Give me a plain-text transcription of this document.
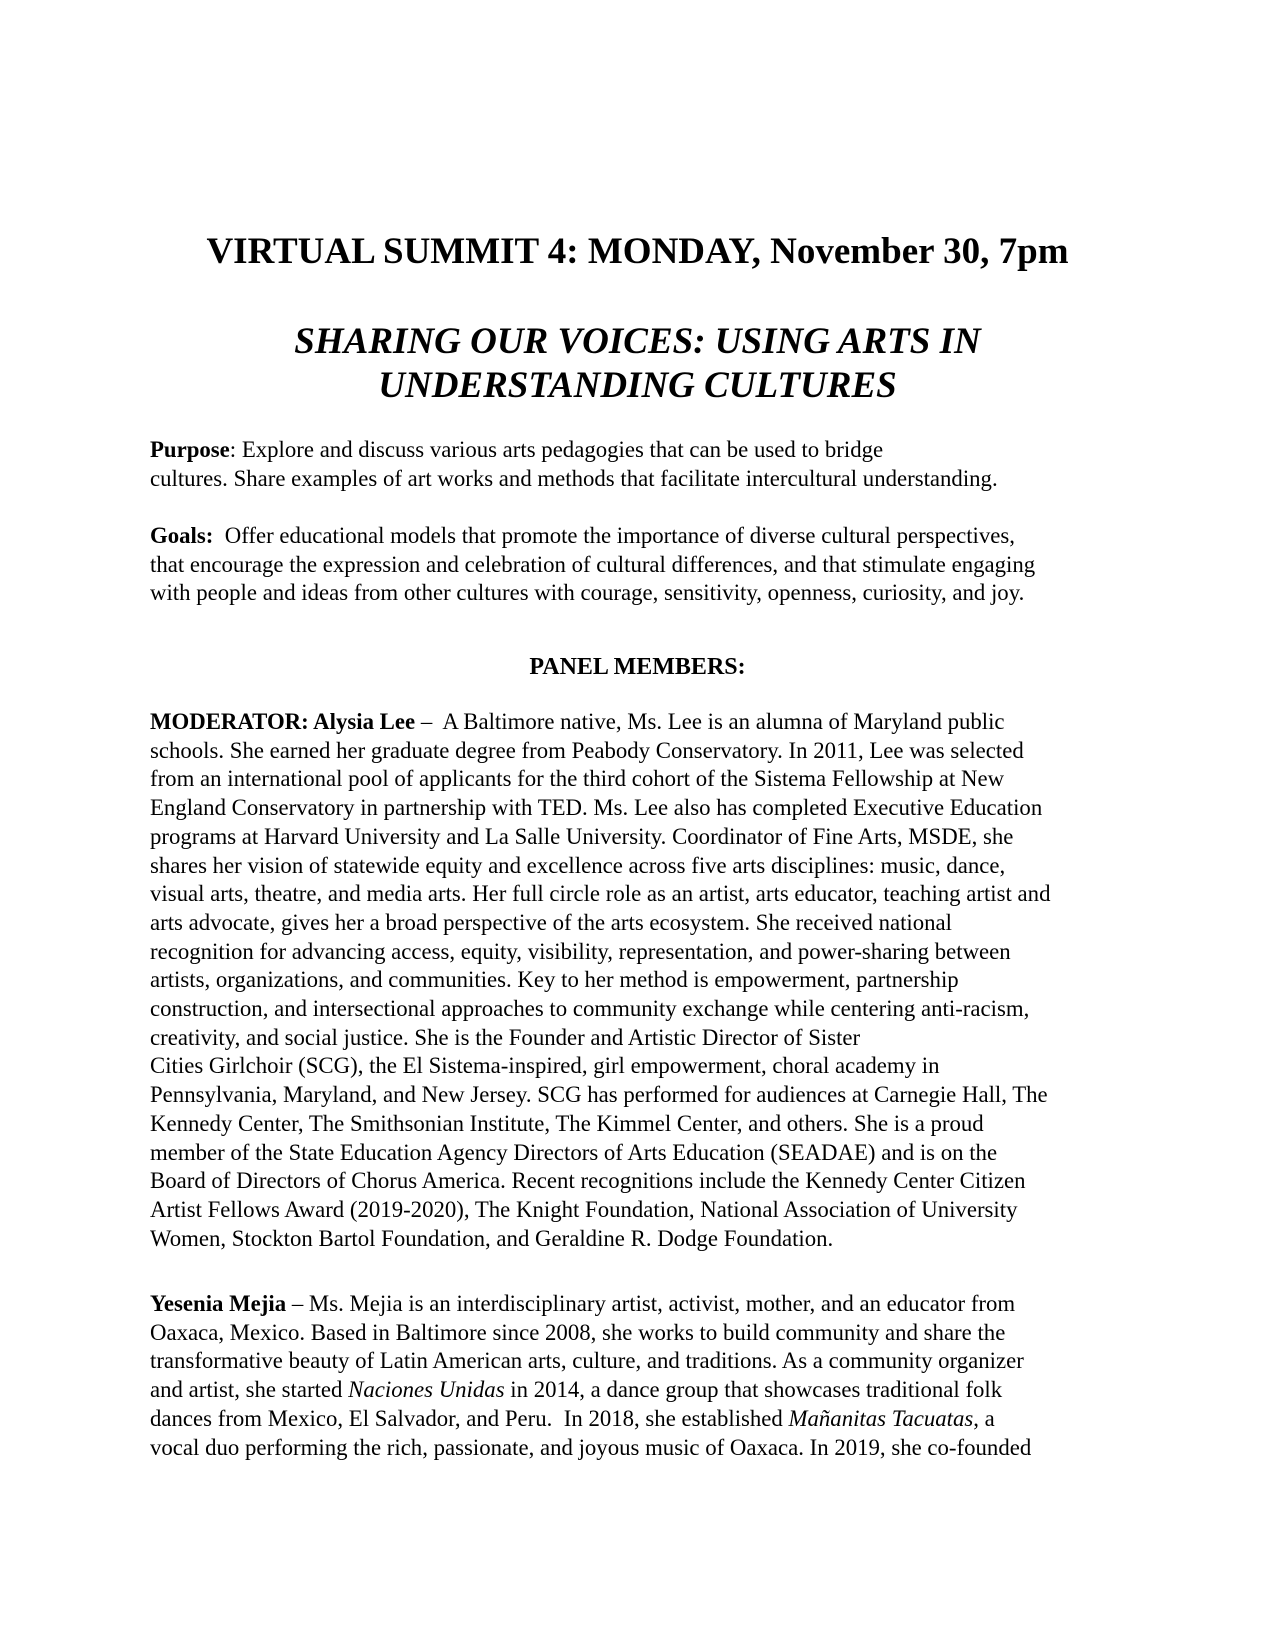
VIRTUAL SUMMIT 4: MONDAY, November 30, 7pm
SHARING OUR VOICES: USING ARTS IN
UNDERSTANDING CULTURES

Purpose: Explore and discuss various arts pedagogies that can be used to bridge
cultures. Share examples of art works and methods that facilitate intercultural understanding.

Goals:  Offer educational models that promote the importance of diverse cultural perspectives,
that encourage the expression and celebration of cultural differences, and that stimulate engaging
with people and ideas from other cultures with courage, sensitivity, openness, curiosity, and joy.

PANEL MEMBERS:

MODERATOR: Alysia Lee –  A Baltimore native, Ms. Lee is an alumna of Maryland public
schools. She earned her graduate degree from Peabody Conservatory. In 2011, Lee was selected
from an international pool of applicants for the third cohort of the Sistema Fellowship at New
England Conservatory in partnership with TED. Ms. Lee also has completed Executive Education
programs at Harvard University and La Salle University. Coordinator of Fine Arts, MSDE, she
shares her vision of statewide equity and excellence across five arts disciplines: music, dance,
visual arts, theatre, and media arts. Her full circle role as an artist, arts educator, teaching artist and
arts advocate, gives her a broad perspective of the arts ecosystem. She received national
recognition for advancing access, equity, visibility, representation, and power-sharing between
artists, organizations, and communities. Key to her method is empowerment, partnership
construction, and intersectional approaches to community exchange while centering anti-racism,
creativity, and social justice. She is the Founder and Artistic Director of Sister
Cities Girlchoir (SCG), the El Sistema-inspired, girl empowerment, choral academy in
Pennsylvania, Maryland, and New Jersey. SCG has performed for audiences at Carnegie Hall, The
Kennedy Center, The Smithsonian Institute, The Kimmel Center, and others. She is a proud
member of the State Education Agency Directors of Arts Education (SEADAE) and is on the
Board of Directors of Chorus America. Recent recognitions include the Kennedy Center Citizen
Artist Fellows Award (2019-2020), The Knight Foundation, National Association of University
Women, Stockton Bartol Foundation, and Geraldine R. Dodge Foundation.

Yesenia Mejia – Ms. Mejia is an interdisciplinary artist, activist, mother, and an educator from
Oaxaca, Mexico. Based in Baltimore since 2008, she works to build community and share the
transformative beauty of Latin American arts, culture, and traditions. As a community organizer
and artist, she started Naciones Unidas in 2014, a dance group that showcases traditional folk
dances from Mexico, El Salvador, and Peru.  In 2018, she established Mañanitas Tacuatas, a
vocal duo performing the rich, passionate, and joyous music of Oaxaca. In 2019, she co-founded
